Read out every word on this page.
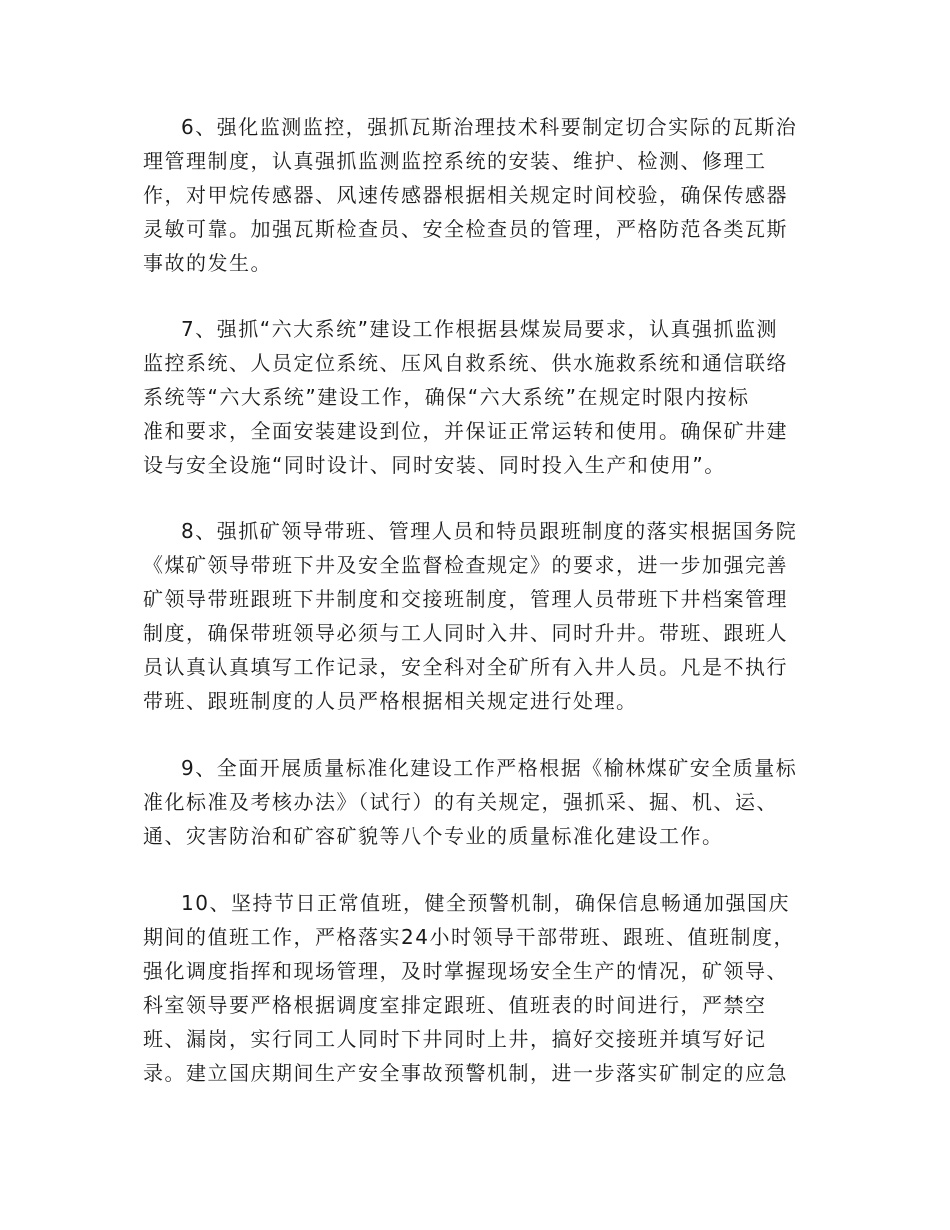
6、强化监测监控，强抓瓦斯治理技术科要制定切合实际的瓦斯治
理管理制度，认真强抓监测监控系统的安装、维护、检测、修理工
作，对甲烷传感器、风速传感器根据相关规定时间校验，确保传感器
灵敏可靠。加强瓦斯检查员、安全检查员的管理，严格防范各类瓦斯
事故的发生。
7、强抓“六大系统”建设工作根据县煤炭局要求，认真强抓监测
监控系统、人员定位系统、压风自救系统、供水施救系统和通信联络
系统等“六大系统”建设工作，确保“六大系统”在规定时限内按标
准和要求，全面安装建设到位，并保证正常运转和使用。确保矿井建
设与安全设施“同时设计、同时安装、同时投入生产和使用”。
8、强抓矿领导带班、管理人员和特员跟班制度的落实根据国务院
《煤矿领导带班下井及安全监督检查规定》的要求，进一步加强完善
矿领导带班跟班下井制度和交接班制度，管理人员带班下井档案管理
制度，确保带班领导必须与工人同时入井、同时升井。带班、跟班人
员认真认真填写工作记录，安全科对全矿所有入井人员。凡是不执行
带班、跟班制度的人员严格根据相关规定进行处理。
9、全面开展质量标准化建设工作严格根据《榆林煤矿安全质量标
准化标准及考核办法》（试行）的有关规定，强抓采、掘、机、运、
通、灾害防治和矿容矿貌等八个专业的质量标准化建设工作。
10、坚持节日正常值班，健全预警机制，确保信息畅通加强国庆
期间的值班工作，严格落实24小时领导干部带班、跟班、值班制度，
强化调度指挥和现场管理，及时掌握现场安全生产的情况，矿领导、
科室领导要严格根据调度室排定跟班、值班表的时间进行，严禁空
班、漏岗，实行同工人同时下井同时上井，搞好交接班并填写好记
录。建立国庆期间生产安全事故预警机制，进一步落实矿制定的应急
